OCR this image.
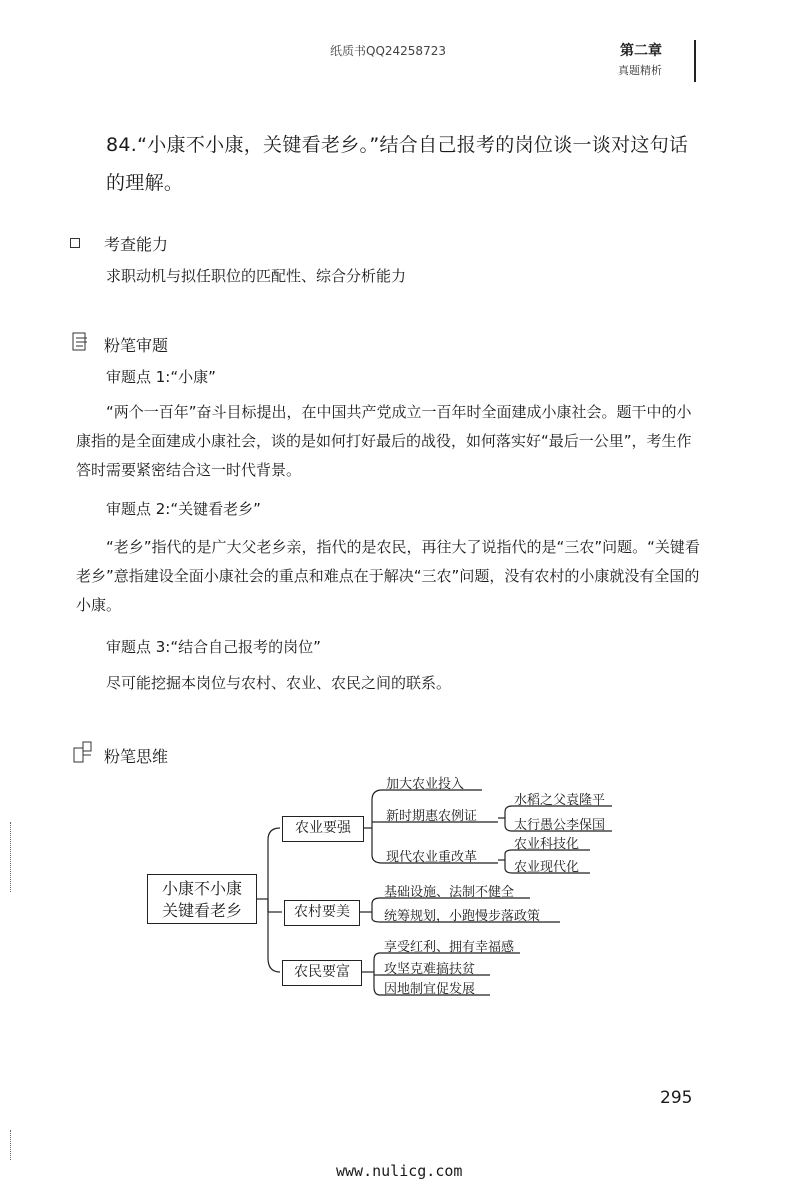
纸质书QQ24258723	第二章
真题精析
84.“小康不小康，关键看老乡。”结合自己报考的岗位谈一谈对这句话的理解。
考查能力
求职动机与拟任职位的匹配性、综合分析能力
粉笔审题
审题点 1:“小康”
“两个一百年”奋斗目标提出，在中国共产党成立一百年时全面建成小康社会。题干中的小康指的是全面建成小康社会，谈的是如何打好最后的战役，如何落实好“最后一公里”，考生作答时需要紧密结合这一时代背景。
审题点 2:“关键看老乡”
“老乡”指代的是广大父老乡亲，指代的是农民，再往大了说指代的是“三农”问题。“关键看老乡”意指建设全面小康社会的重点和难点在于解决“三农”问题，没有农村的小康就没有全国的小康。
审题点 3:“结合自己报考的岗位”
尽可能挖掘本岗位与农村、农业、农民之间的联系。
粉笔思维
小康不小康
关键看老乡
农业要强
农村要美
农民要富
加大农业投入
新时期惠农例证
现代农业重改革
水稻之父袁隆平
太行愚公李保国
农业科技化
农业现代化
基础设施、法制不健全
统筹规划，小跑慢步落政策
享受红利、拥有幸福感
攻坚克难搞扶贫
因地制宜促发展
295
www.nulicg.com
